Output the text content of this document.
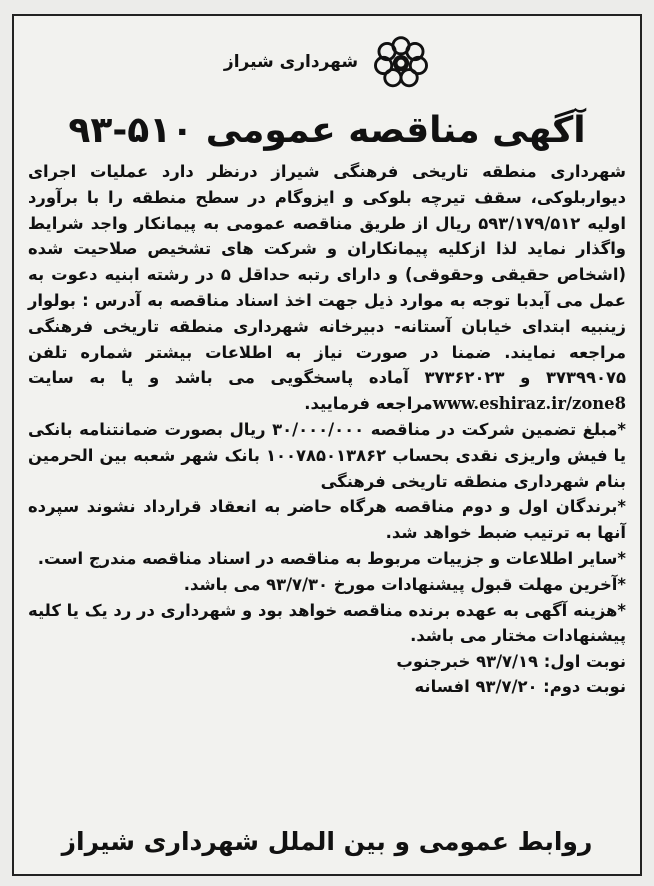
شهرداری شیراز
آگهی مناقصه عمومی ۵۱۰-۹۳

شهرداری منطقه تاریخی فرهنگی شیراز درنظر دارد عملیات اجرای دیواربلوکی، سقف تیرچه بلوکی و ایزوگام در سطح منطقه را با برآورد اولیه ۵۹۳/۱۷۹/۵۱۲ ریال از طریق مناقصه عمومی به پیمانکار واجد شرایط واگذار نماید لذا ازکلیه پیمانکاران و شرکت های تشخیص صلاحیت شده (اشخاص حقیقی وحقوقی) و دارای رتبه حداقل ۵ در رشته ابنیه دعوت به عمل می آیدبا توجه به موارد ذیل جهت اخذ اسناد مناقصه به آدرس : بولوار زینبیه ابتدای خیابان آستانه- دبیرخانه شهرداری منطقه تاریخی فرهنگی مراجعه نمایند. ضمنا در صورت نیاز به اطلاعات بیشتر شماره تلفن ۳۷۳۹۹۰۷۵ و ۳۷۳۶۲۰۲۳ آماده پاسخگویی می باشد و یا به سایت www.eshiraz.ir/zone8مراجعه فرمایید.

*مبلغ تضمین شرکت در مناقصه ۳۰/۰۰۰/۰۰۰ ریال بصورت ضمانتنامه بانکی یا فیش واریزی نقدی بحساب ۱۰۰۷۸۵۰۱۳۸۶۲ بانک شهر شعبه بین الحرمین بنام شهرداری منطقه تاریخی فرهنگی

*برندگان اول و دوم مناقصه هرگاه حاضر به انعقاد قرارداد نشوند سپرده آنها به ترتیب ضبط خواهد شد.

*سایر اطلاعات و جزییات مربوط به مناقصه در اسناد مناقصه مندرج است.

*آخرین مهلت قبول پیشنهادات مورخ ۹۳/۷/۳۰ می باشد.

*هزینه آگهی به عهده برنده مناقصه خواهد بود و شهرداری در رد یک یا کلیه پیشنهادات مختار می باشد.

نوبت اول: ۹۳/۷/۱۹ خبرجنوب
نوبت دوم: ۹۳/۷/۲۰ افسانه
روابط عمومی و بین الملل شهرداری شیراز
